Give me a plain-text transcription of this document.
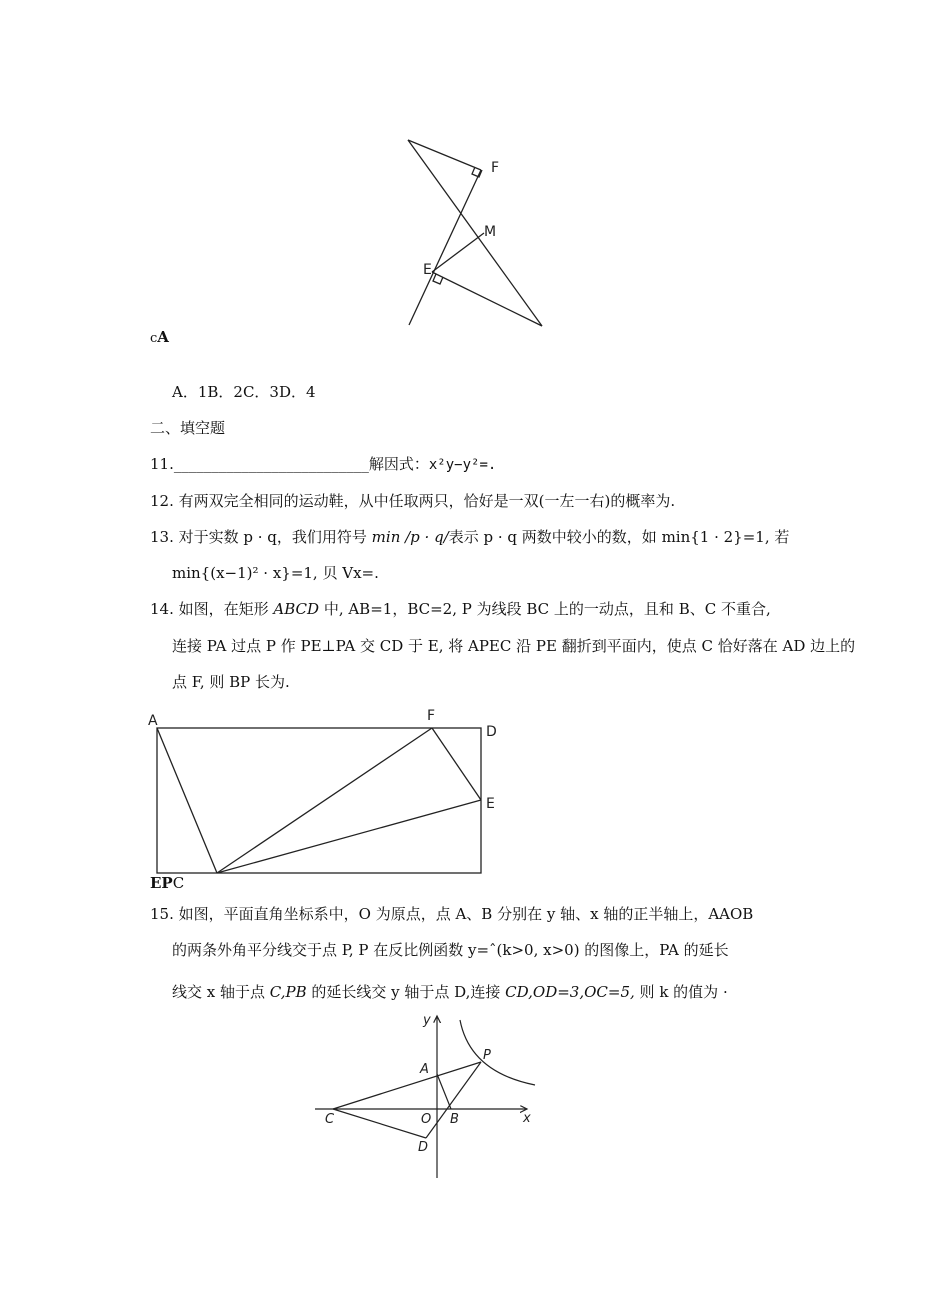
F
M
E
cA
A．1B．2C．3D．4
二、填空题
11.__________________________解因式：x²y−y²=.
12. 有两双完全相同的运动鞋，从中任取两只，恰好是一双(一左一右)的概率为.
13. 对于实数 p · q，我们用符号 min /p · q/表示 p · q 两数中较小的数，如 min{1 · 2}=1, 若
min{(x−1)² · x}=1, 贝 Vx=.
14. 如图，在矩形 ABCD 中, AB=1，BC=2, P 为线段 BC 上的一动点，且和 B、C 不重合,
连接 PA 过点 P 作 PE⊥PA 交 CD 于 E, 将 APEC 沿 PE 翻折到平面内，使点 C 恰好落在 AD 边上的
点 F, 则 BP 长为.
A	F
D
E
EPC
15. 如图，平面直角坐标系中，O 为原点，点 A、B 分别在 y 轴、x 轴的正半轴上，AAOB
的两条外角平分线交于点 P, P 在反比例函数 y=ˆ(k>0, x>0) 的图像上，PA 的延长
线交 x 轴于点 C,PB 的延长线交 y 轴于点 D,连接 CD,OD=3,OC=5, 则 k 的值为 ·
y
x
A
P
O B
C
D
